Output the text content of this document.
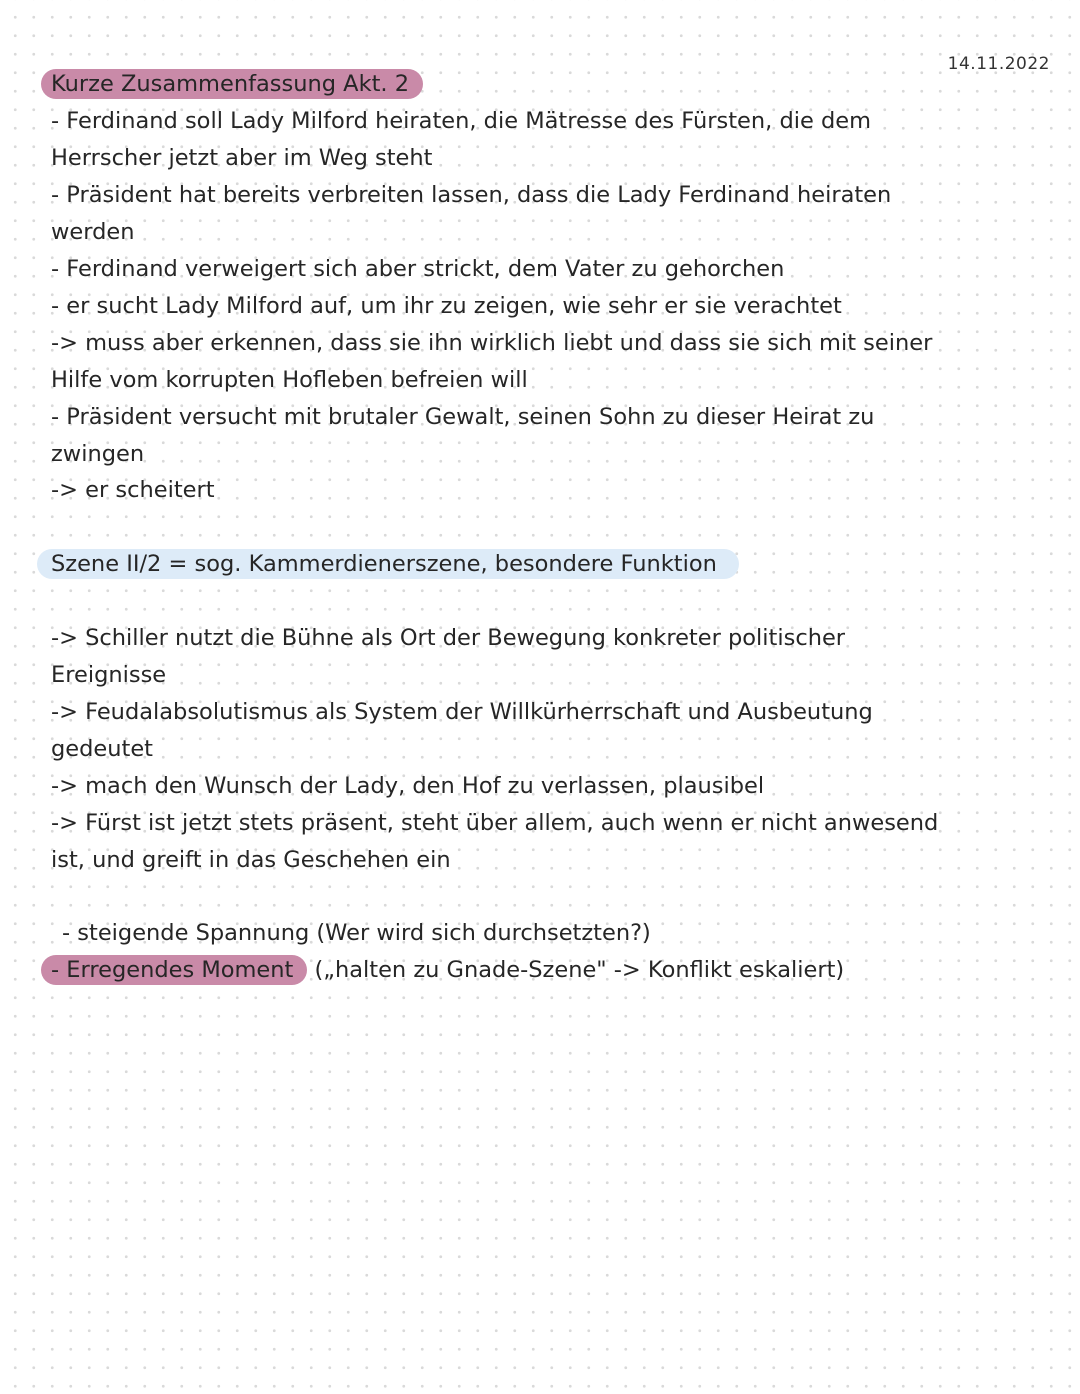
14.11.2022
Kurze Zusammenfassung Akt. 2
- Ferdinand soll Lady Milford heiraten, die Mätresse des Fürsten, die dem
Herrscher jetzt aber im Weg steht
- Präsident hat bereits verbreiten lassen, dass die Lady Ferdinand heiraten
werden
- Ferdinand verweigert sich aber strickt, dem Vater zu gehorchen
- er sucht Lady Milford auf, um ihr zu zeigen, wie sehr er sie verachtet
-> muss aber erkennen, dass sie ihn wirklich liebt und dass sie sich mit seiner
Hilfe vom korrupten Hofleben befreien will
- Präsident versucht mit brutaler Gewalt, seinen Sohn zu dieser Heirat zu
zwingen
-> er scheitert
Szene II/2 = sog. Kammerdienerszene, besondere Funktion
-> Schiller nutzt die Bühne als Ort der Bewegung konkreter politischer
Ereignisse
-> Feudalabsolutismus als System der Willkürherrschaft und Ausbeutung
gedeutet
-> mach den Wunsch der Lady, den Hof zu verlassen, plausibel
-> Fürst ist jetzt stets präsent, steht über allem, auch wenn er nicht anwesend
ist, und greift in das Geschehen ein
- steigende Spannung (Wer wird sich durchsetzten?)
- Erregendes Moment („halten zu Gnade-Szene" -> Konflikt eskaliert)
